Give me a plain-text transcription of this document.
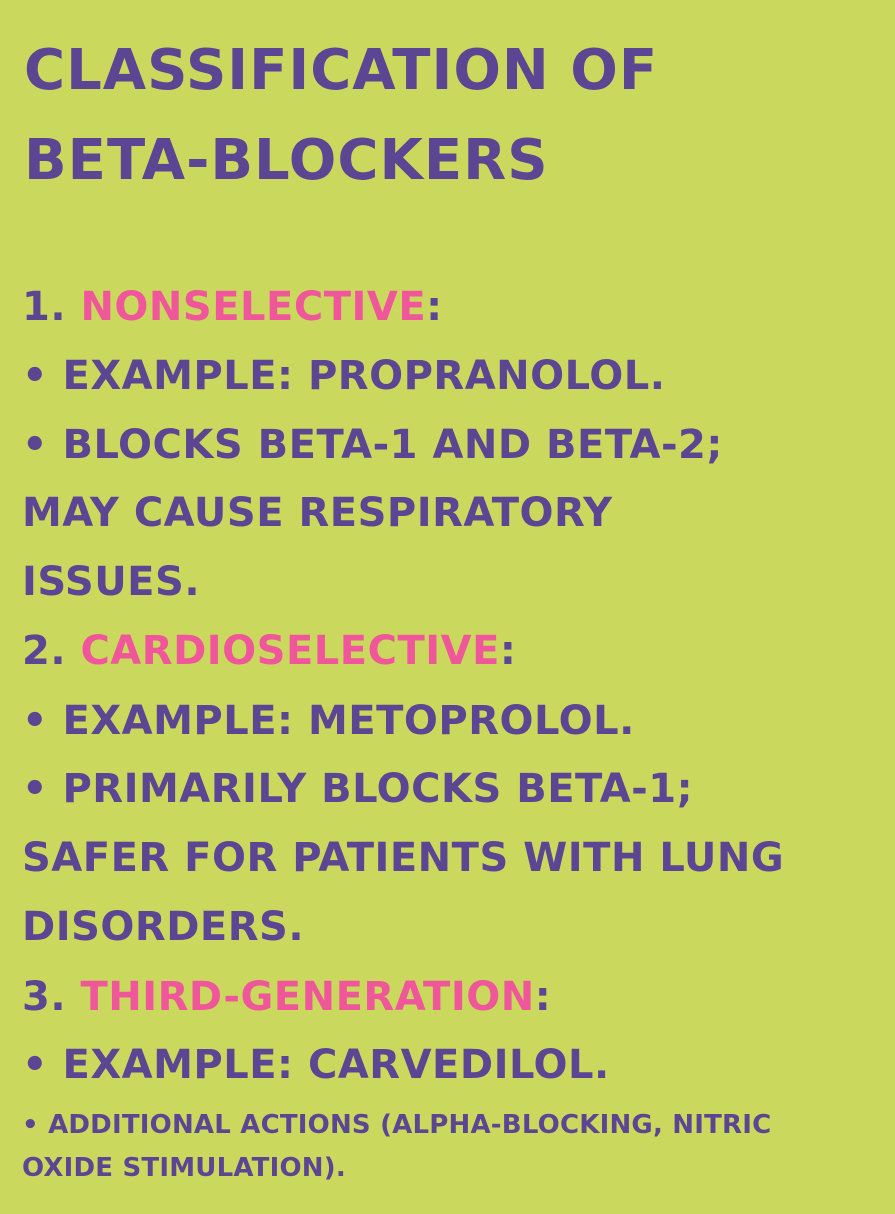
CLASSIFICATION OF
BETA-BLOCKERS
1. NONSELECTIVE:
• EXAMPLE: PROPRANOLOL.
• BLOCKS BETA-1 AND BETA-2;
MAY CAUSE RESPIRATORY
ISSUES.
2. CARDIOSELECTIVE:
• EXAMPLE: METOPROLOL.
• PRIMARILY BLOCKS BETA-1;
SAFER FOR PATIENTS WITH LUNG
DISORDERS.
3. THIRD-GENERATION:
• EXAMPLE: CARVEDILOL.
• ADDITIONAL ACTIONS (ALPHA-BLOCKING, NITRIC
OXIDE STIMULATION).
